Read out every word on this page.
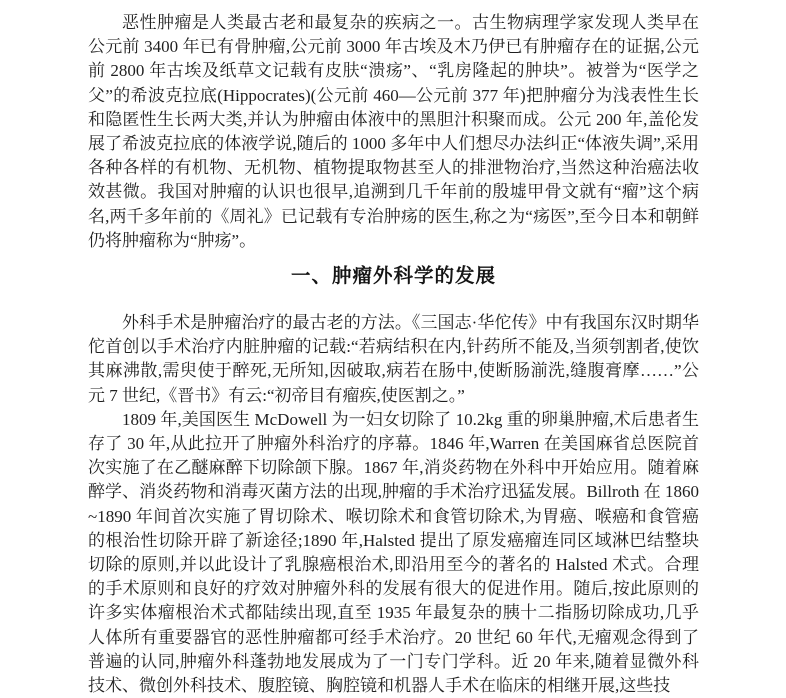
恶性肿瘤是人类最古老和最复杂的疾病之一。古生物病理学家发现人类早在公元前 3400 年已有骨肿瘤,公元前 3000 年古埃及木乃伊已有肿瘤存在的证据,公元前 2800 年古埃及纸草文记载有皮肤“溃疡”、“乳房隆起的肿块”。被誉为“医学之父”的希波克拉底(Hippocrates)(公元前 460—公元前 377 年)把肿瘤分为浅表性生长和隐匿性生长两大类,并认为肿瘤由体液中的黑胆汁积聚而成。公元 200 年,盖伦发展了希波克拉底的体液学说,随后的 1000 多年中人们想尽办法纠正“体液失调”,采用各种各样的有机物、无机物、植物提取物甚至人的排泄物治疗,当然这种治癌法收效甚微。我国对肿瘤的认识也很早,追溯到几千年前的殷墟甲骨文就有“瘤”这个病名,两千多年前的《周礼》已记载有专治肿疡的医生,称之为“疡医”,至今日本和朝鲜仍将肿瘤称为“肿疡”。

一、肿瘤外科学的发展

外科手术是肿瘤治疗的最古老的方法。《三国志·华佗传》中有我国东汉时期华佗首创以手术治疗内脏肿瘤的记载:“若病结积在内,针药所不能及,当须刳割者,使饮其麻沸散,需臾使于醉死,无所知,因破取,病若在肠中,使断肠湔洗,缝腹膏摩……”公元 7 世纪,《晋书》有云:“初帝目有瘤疾,使医割之。”

1809 年,美国医生 McDowell 为一妇女切除了 10.2kg 重的卵巢肿瘤,术后患者生存了 30 年,从此拉开了肿瘤外科治疗的序幕。1846 年,Warren 在美国麻省总医院首次实施了在乙醚麻醉下切除颌下腺。1867 年,消炎药物在外科中开始应用。随着麻醉学、消炎药物和消毒灭菌方法的出现,肿瘤的手术治疗迅猛发展。Billroth 在 1860~1890 年间首次实施了胃切除术、喉切除术和食管切除术,为胃癌、喉癌和食管癌的根治性切除开辟了新途径;1890 年,Halsted 提出了原发癌瘤连同区域淋巴结整块切除的原则,并以此设计了乳腺癌根治术,即沿用至今的著名的 Halsted 术式。合理的手术原则和良好的疗效对肿瘤外科的发展有很大的促进作用。随后,按此原则的许多实体瘤根治术式都陆续出现,直至 1935 年最复杂的胰十二指肠切除成功,几乎人体所有重要器官的恶性肿瘤都可经手术治疗。20 世纪 60 年代,无瘤观念得到了普遍的认同,肿瘤外科蓬勃地发展成为了一门专门学科。近 20 年来,随着显微外科技术、微创外科技术、腹腔镜、胸腔镜和机器人手术在临床的相继开展,这些技
